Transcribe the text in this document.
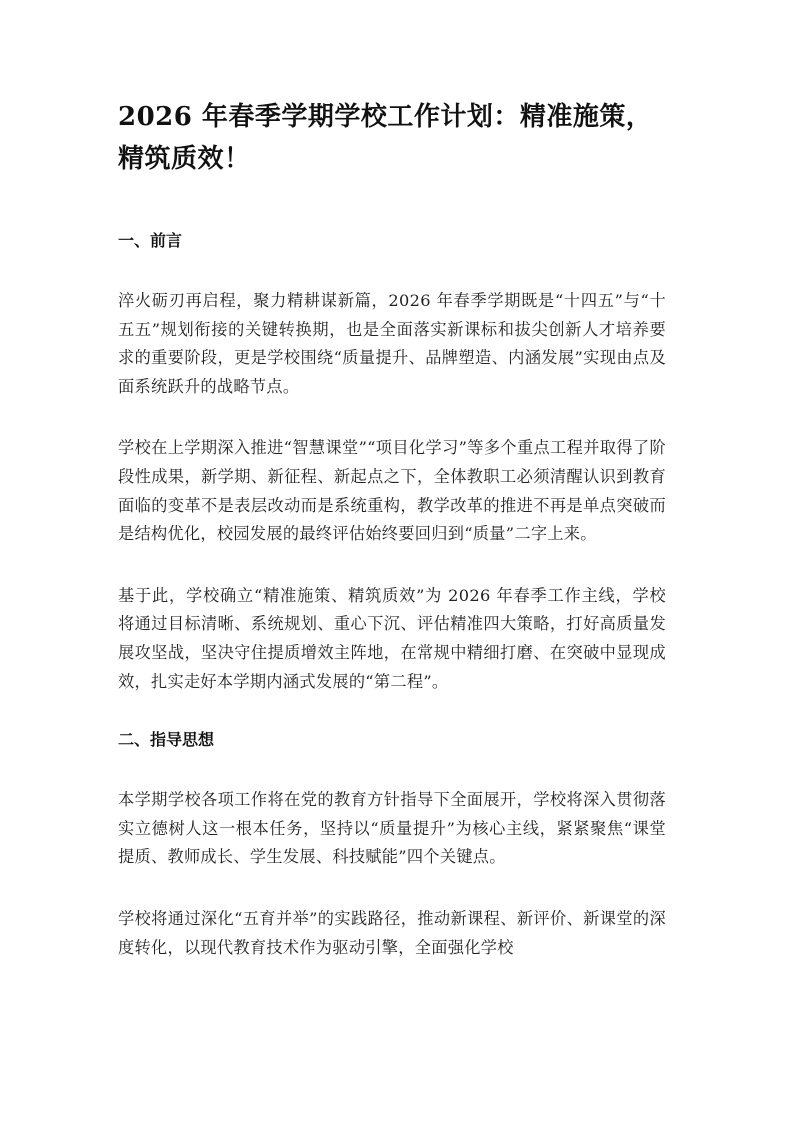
2026 年春季学期学校工作计划：精准施策，精筑质效！
一、前言

淬火砺刃再启程，聚力精耕谋新篇，2026 年春季学期既是“十四五”与“十五五”规划衔接的关键转换期，也是全面落实新课标和拔尖创新人才培养要求的重要阶段，更是学校围绕“质量提升、品牌塑造、内涵发展”实现由点及面系统跃升的战略节点。

学校在上学期深入推进“智慧课堂”“项目化学习”等多个重点工程并取得了阶段性成果，新学期、新征程、新起点之下，全体教职工必须清醒认识到教育面临的变革不是表层改动而是系统重构，教学改革的推进不再是单点突破而是结构优化，校园发展的最终评估始终要回归到“质量”二字上来。

基于此，学校确立“精准施策、精筑质效”为 2026 年春季工作主线，学校将通过目标清晰、系统规划、重心下沉、评估精准四大策略，打好高质量发展攻坚战，坚决守住提质增效主阵地，在常规中精细打磨、在突破中显现成效，扎实走好本学期内涵式发展的“第二程”。

二、指导思想

本学期学校各项工作将在党的教育方针指导下全面展开，学校将深入贯彻落实立德树人这一根本任务，坚持以“质量提升”为核心主线，紧紧聚焦“课堂提质、教师成长、学生发展、科技赋能”四个关键点。

学校将通过深化“五育并举”的实践路径，推动新课程、新评价、新课堂的深度转化，以现代教育技术作为驱动引擎，全面强化学校
